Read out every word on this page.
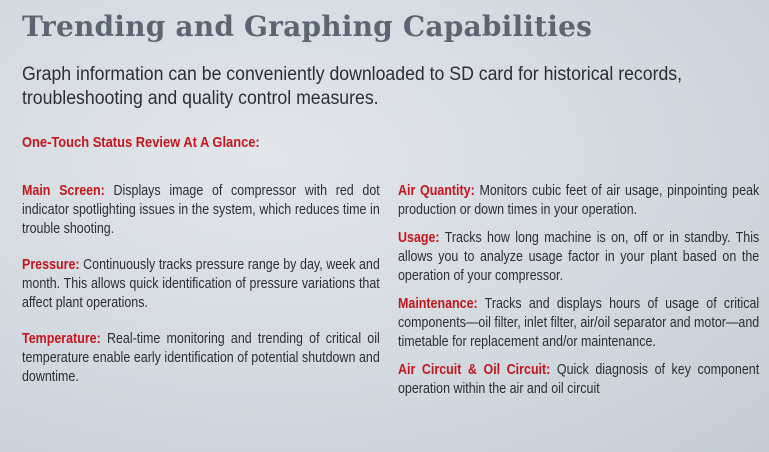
Trending and Graphing Capabilities
Graph information can be conveniently downloaded to SD card for historical records, troubleshooting and quality control measures.
One-Touch Status Review At A Glance:
Main Screen: Displays image of compressor with red dot indicator spotlighting issues in the system, which reduces time in trouble shooting.
Pressure: Continuously tracks pressure range by day, week and month. This allows quick identification of pressure variations that affect plant operations.
Temperature: Real-time monitoring and trending of critical oil temperature enable early identification of potential shutdown and downtime.
Air Quantity: Monitors cubic feet of air usage, pinpointing peak production or down times in your operation.
Usage: Tracks how long machine is on, off or in standby. This allows you to analyze usage factor in your plant based on the operation of your compressor.
Maintenance: Tracks and displays hours of usage of critical components—oil filter, inlet filter, air/oil separator and motor—and timetable for replacement and/or maintenance.
Air Circuit & Oil Circuit: Quick diagnosis of key component operation within the air and oil circuit
